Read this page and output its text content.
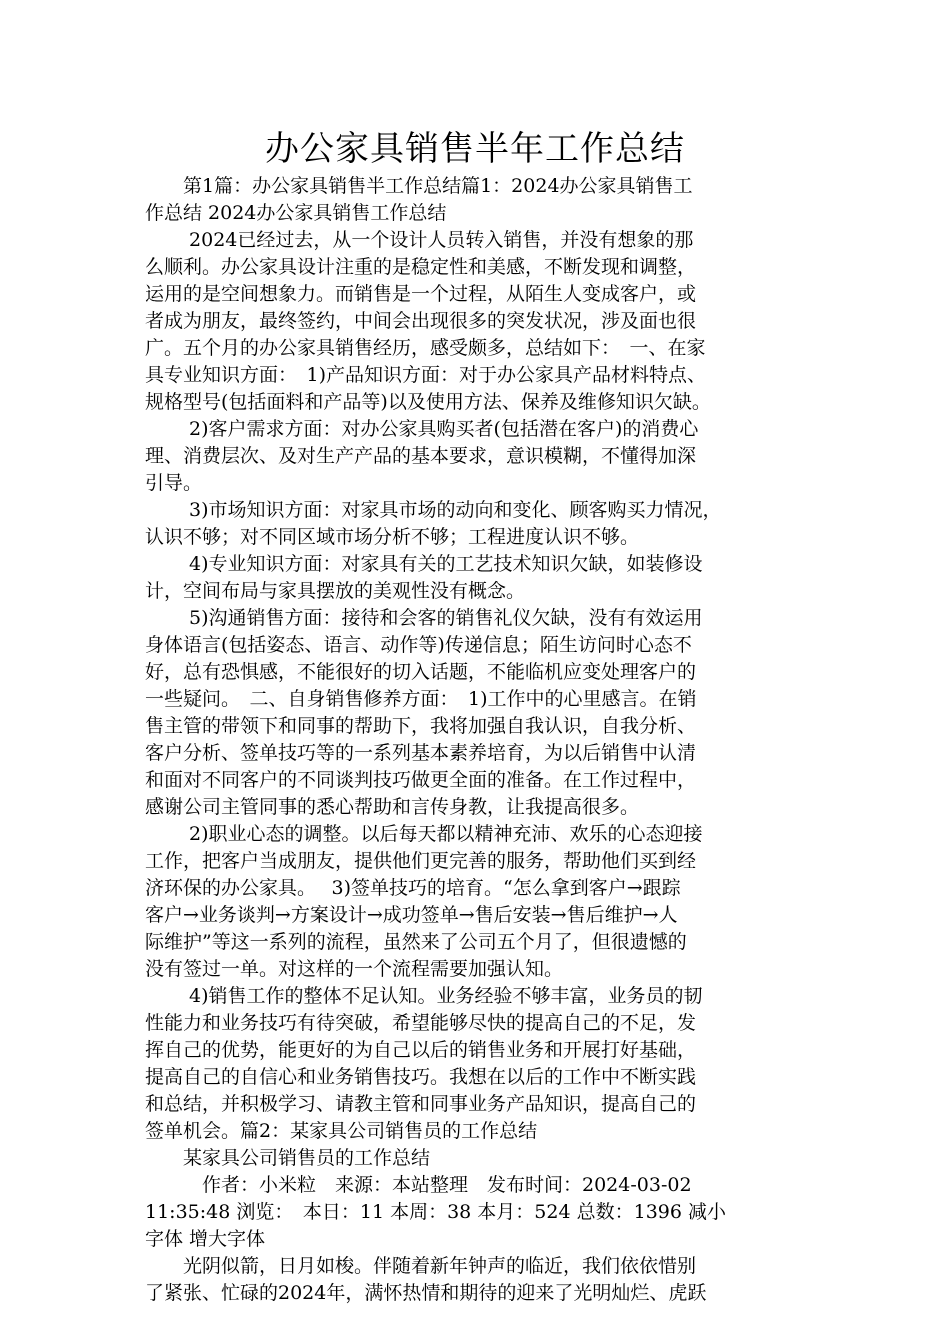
办公家具销售半年工作总结
　　第1篇：办公家具销售半工作总结篇1：2024办公家具销售工
作总结 2024办公家具销售工作总结
　　 2024已经过去，从一个设计人员转入销售，并没有想象的那
么顺利。办公家具设计注重的是稳定性和美感，不断发现和调整，
运用的是空间想象力。而销售是一个过程，从陌生人变成客户，或
者成为朋友，最终签约，中间会出现很多的突发状况，涉及面也很
广。五个月的办公家具销售经历，感受颇多，总结如下：　一、在家
具专业知识方面：　1)产品知识方面：对于办公家具产品材料特点、
规格型号(包括面料和产品等)以及使用方法、保养及维修知识欠缺。
　　 2)客户需求方面：对办公家具购买者(包括潜在客户)的消费心
理、消费层次、及对生产产品的基本要求，意识模糊，不懂得加深
引导。
　　 3)市场知识方面：对家具市场的动向和变化、顾客购买力情况，
认识不够；对不同区域市场分析不够；工程进度认识不够。
　　 4)专业知识方面：对家具有关的工艺技术知识欠缺，如装修设
计，空间布局与家具摆放的美观性没有概念。
　　 5)沟通销售方面：接待和会客的销售礼仪欠缺，没有有效运用
身体语言(包括姿态、语言、动作等)传递信息；陌生访问时心态不
好，总有恐惧感，不能很好的切入话题，不能临机应变处理客户的
一些疑问。　二、自身销售修养方面：　1)工作中的心里感言。在销
售主管的带领下和同事的帮助下，我将加强自我认识，自我分析、
客户分析、签单技巧等的一系列基本素养培育，为以后销售中认清
和面对不同客户的不同谈判技巧做更全面的准备。在工作过程中，
感谢公司主管同事的悉心帮助和言传身教，让我提高很多。
　　 2)职业心态的调整。以后每天都以精神充沛、欢乐的心态迎接
工作，把客户当成朋友，提供他们更完善的服务，帮助他们买到经
济环保的办公家具。　 3)签单技巧的培育。“怎么拿到客户→跟踪
客户→业务谈判→方案设计→成功签单→售后安装→售后维护→人
际维护”等这一系列的流程，虽然来了公司五个月了，但很遗憾的
没有签过一单。对这样的一个流程需要加强认知。
　　 4)销售工作的整体不足认知。业务经验不够丰富，业务员的韧
性能力和业务技巧有待突破，希望能够尽快的提高自己的不足，发
挥自己的优势，能更好的为自己以后的销售业务和开展打好基础，
提高自己的自信心和业务销售技巧。我想在以后的工作中不断实践
和总结，并积极学习、请教主管和同事业务产品知识，提高自己的
签单机会。篇2：某家具公司销售员的工作总结
　　某家具公司销售员的工作总结
　　　作者：小米粒　来源：本站整理　发布时间：2024-03-02
11:35:48 浏览：　本日：11 本周：38 本月：524 总数：1396 减小
字体 增大字体
　　光阴似箭，日月如梭。伴随着新年钟声的临近，我们依依惜别
了紧张、忙碌的2024年，满怀热情和期待的迎来了光明灿烂、虎跃
